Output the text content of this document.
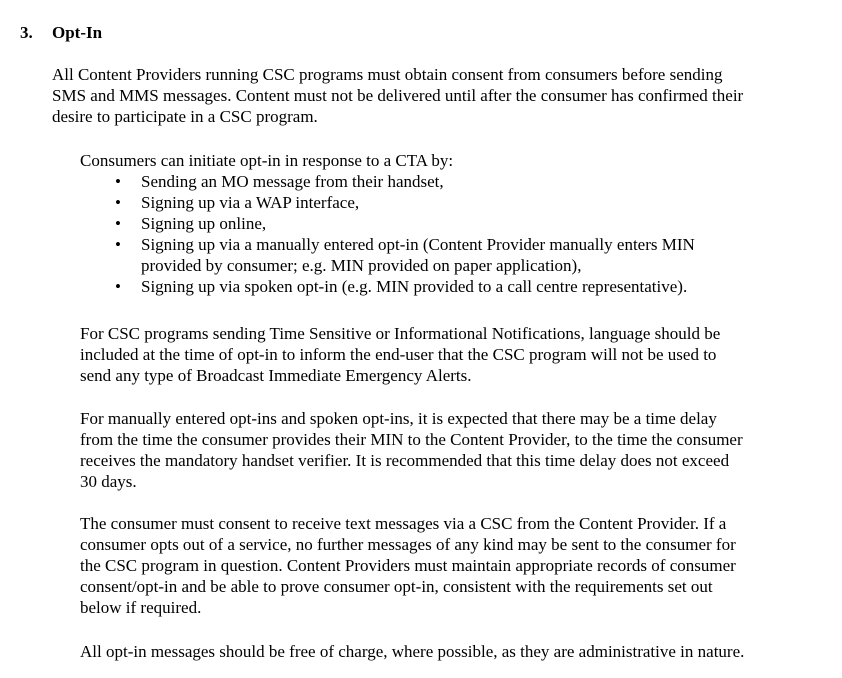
3. Opt-In

All Content Providers running CSC programs must obtain consent from consumers before sending
SMS and MMS messages. Content must not be delivered until after the consumer has confirmed their
desire to participate in a CSC program.

Consumers can initiate opt-in in response to a CTA by:
•	Sending an MO message from their handset,
•	Signing up via a WAP interface,
•	Signing up online,
•	Signing up via a manually entered opt-in (Content Provider manually enters MIN
provided by consumer; e.g. MIN provided on paper application),
•	Signing up via spoken opt-in (e.g. MIN provided to a call centre representative).

For CSC programs sending Time Sensitive or Informational Notifications, language should be
included at the time of opt-in to inform the end-user that the CSC program will not be used to
send any type of Broadcast Immediate Emergency Alerts.

For manually entered opt-ins and spoken opt-ins, it is expected that there may be a time delay
from the time the consumer provides their MIN to the Content Provider, to the time the consumer
receives the mandatory handset verifier. It is recommended that this time delay does not exceed
30 days.

The consumer must consent to receive text messages via a CSC from the Content Provider. If a
consumer opts out of a service, no further messages of any kind may be sent to the consumer for
the CSC program in question. Content Providers must maintain appropriate records of consumer
consent/opt-in and be able to prove consumer opt-in, consistent with the requirements set out
below if required.

All opt-in messages should be free of charge, where possible, as they are administrative in nature.
